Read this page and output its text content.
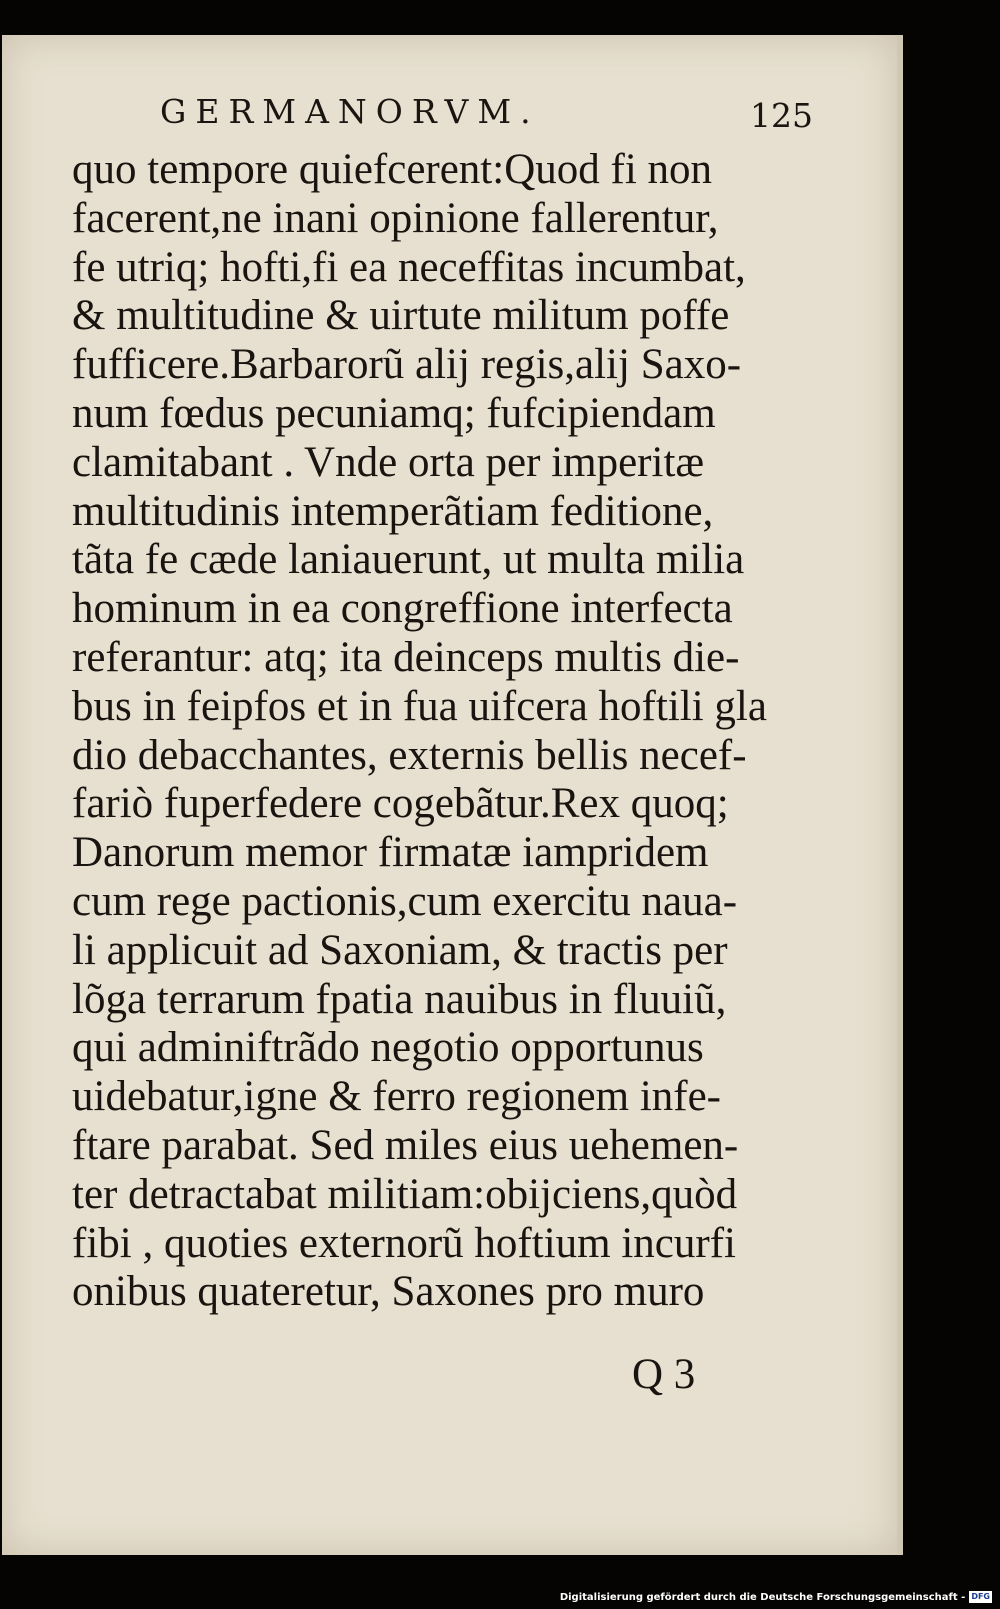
GERMANORVM.	125
quo tempore quiefcerent:Quod fi non
facerent,ne inani opinione fallerentur,
fe utriq; hofti,fi ea neceffitas incumbat,
& multitudine & uirtute militum poffe
fufficere.Barbarorũ alij regis,alij Saxo-
num fœdus pecuniamq; fufcipiendam
clamitabant . Vnde orta per imperitæ
multitudinis intemperãtiam feditione,
tãta fe cæde laniauerunt, ut multa milia
hominum in ea congreffione interfecta
referantur: atq; ita deinceps multis die-
bus in feipfos et in fua uifcera hoftili gla
dio debacchantes, externis bellis necef-
fariò fuperfedere cogebãtur.Rex quoq;
Danorum memor firmatæ iampridem
cum rege pactionis,cum exercitu naua-
li applicuit ad Saxoniam, & tractis per
lõga terrarum fpatia nauibus in fluuiũ,
qui adminiftrãdo negotio opportunus
uidebatur,igne & ferro regionem infe-
ftare parabat. Sed miles eius uehemen-
ter detractabat militiam:obijciens,quòd
fibi , quoties externorũ hoftium incurfi
onibus quateretur, Saxones pro muro
Q 3
Digitalisierung gefördert durch die Deutsche Forschungsgemeinschaft - DFG
